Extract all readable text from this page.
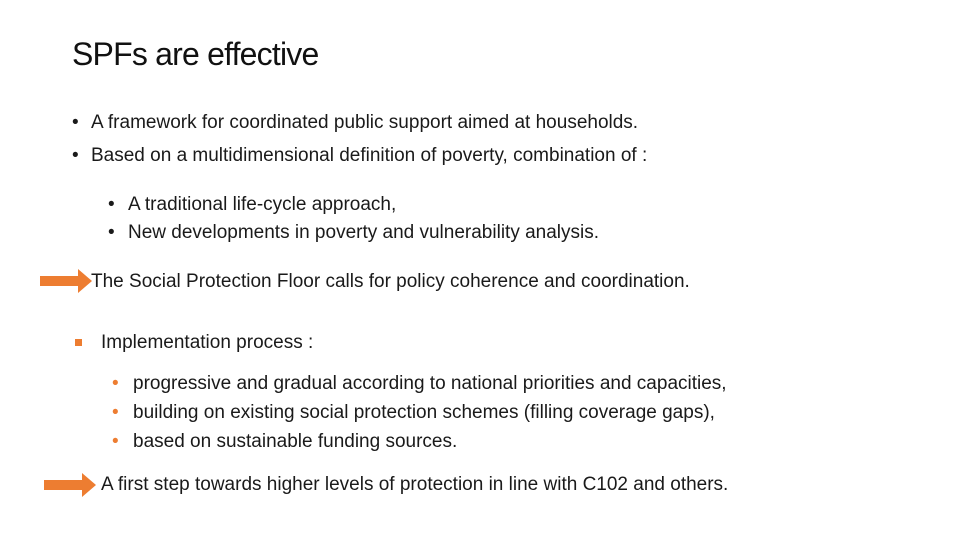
SPFs are effective
• A framework for coordinated public support aimed at households.
• Based on a multidimensional definition of poverty, combination of :
• A traditional life-cycle approach,
• New developments in poverty and vulnerability analysis.
The Social Protection Floor calls for policy coherence and coordination.
Implementation process :
• progressive and gradual according to national priorities and capacities,
• building on existing social protection schemes (filling coverage gaps),
• based on sustainable funding sources.
A first step towards higher levels of protection in line with C102 and others.
